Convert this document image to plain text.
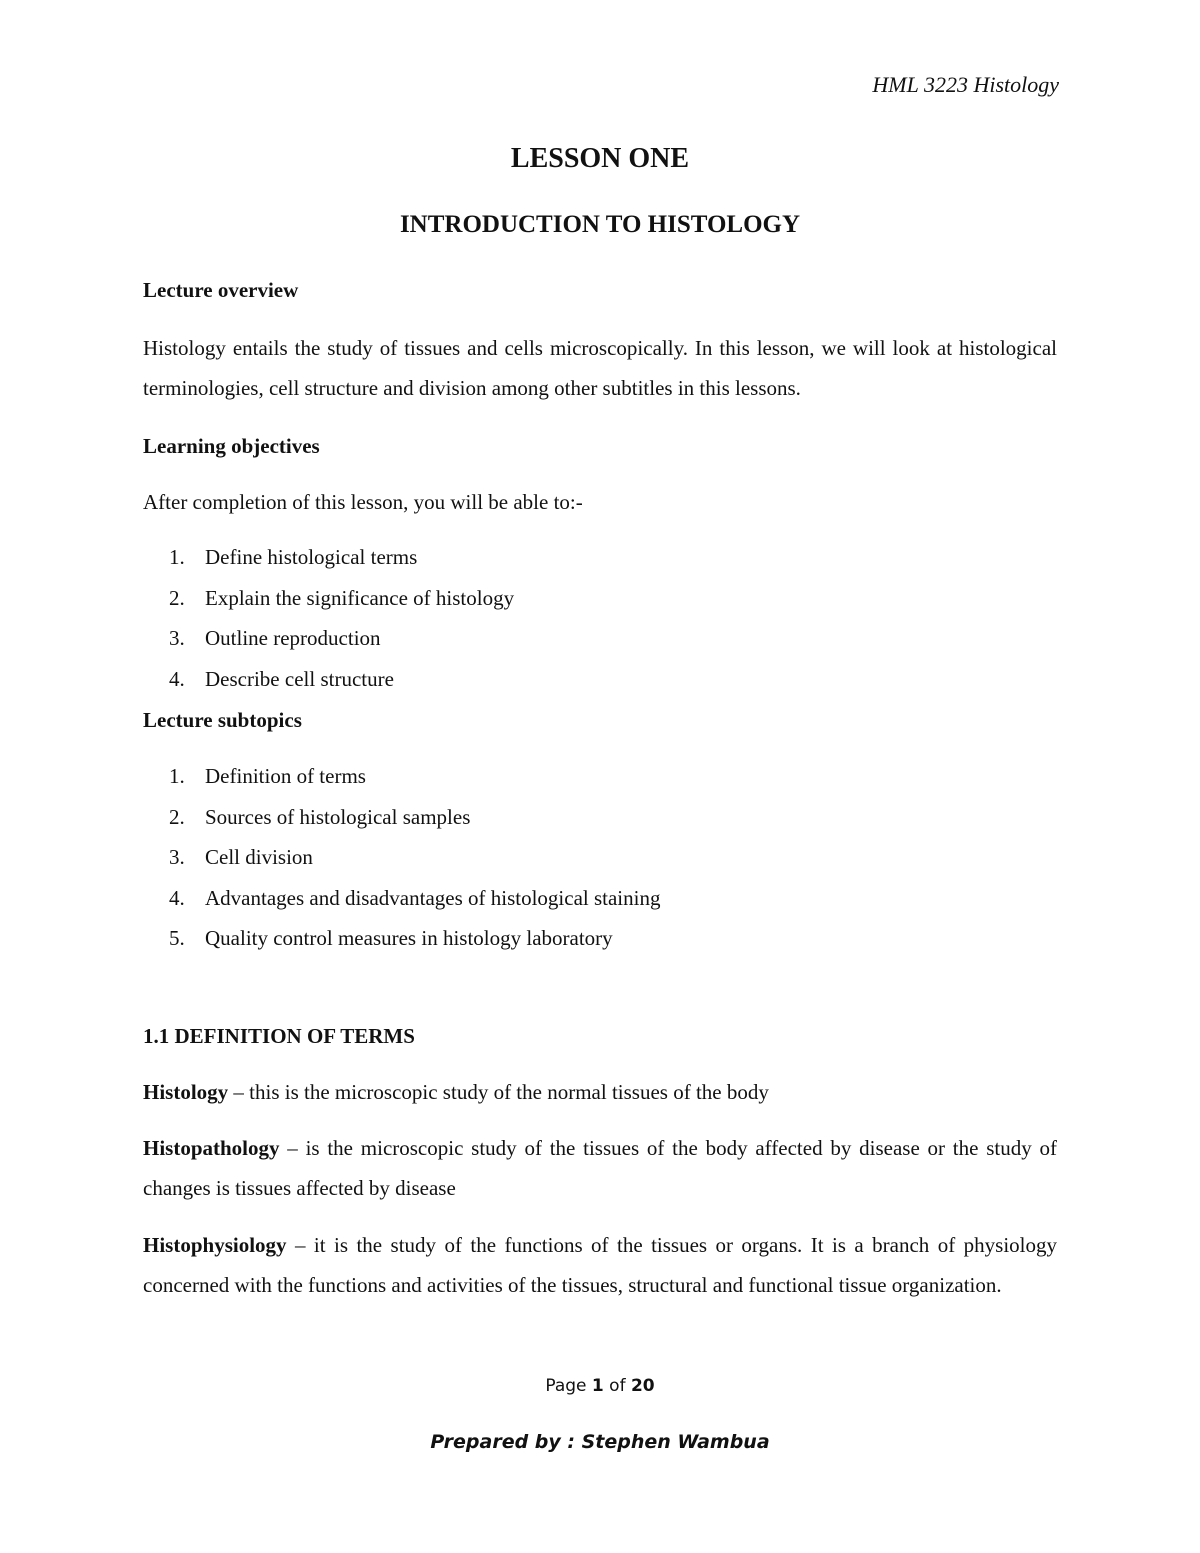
HML 3223 Histology
LESSON ONE
INTRODUCTION TO HISTOLOGY
Lecture overview

Histology entails the study of tissues and cells microscopically. In this lesson, we will look at histological terminologies, cell structure and division among other subtitles in this lessons.

Learning objectives

After completion of this lesson, you will be able to:-

1. Define histological terms
2. Explain the significance of histology
3. Outline reproduction
4. Describe cell structure
Lecture subtopics
1. Definition of terms
2. Sources of histological samples
3. Cell division
4. Advantages and disadvantages of histological staining
5. Quality control measures in histology laboratory
1.1 DEFINITION OF TERMS

Histology – this is the microscopic study of the normal tissues of the body

Histopathology – is the microscopic study of the tissues of the body affected by disease or the study of changes is tissues affected by disease

Histophysiology – it is the study of the functions of the tissues or organs. It is a branch of physiology concerned with the functions and activities of the tissues, structural and functional tissue organization.

Page 1 of 20
Prepared by : Stephen Wambua
